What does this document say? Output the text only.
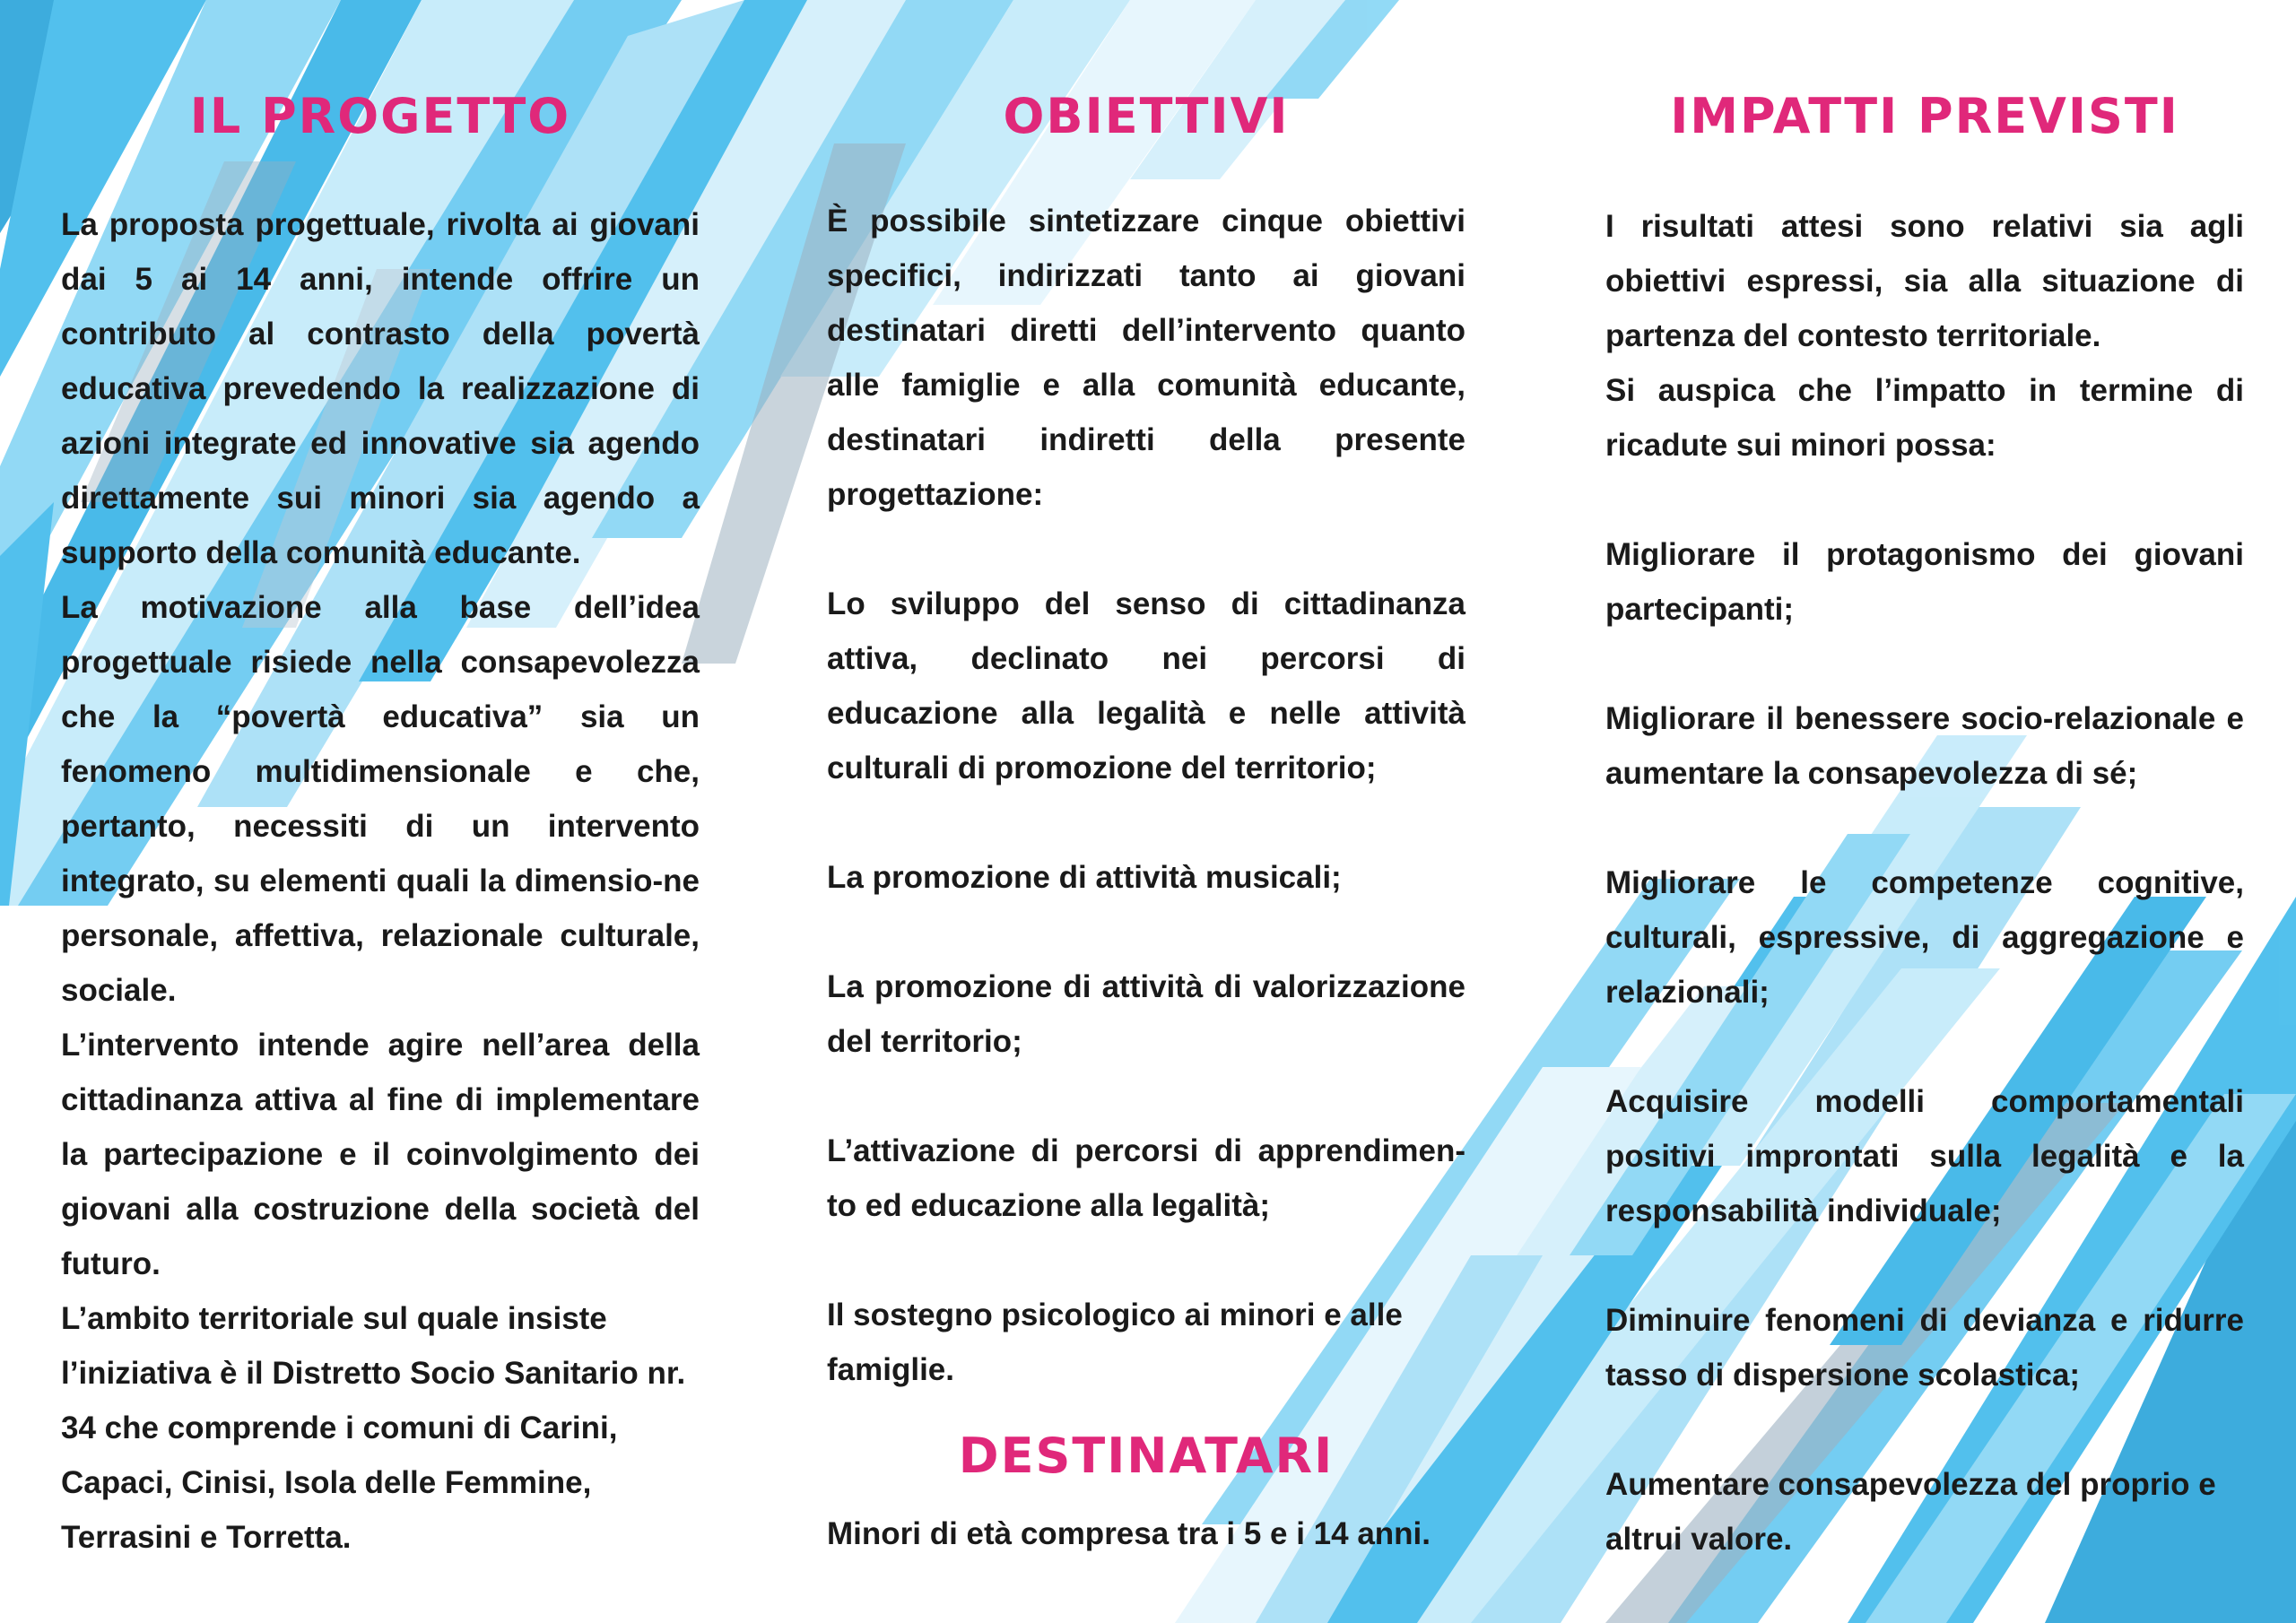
IL PROGETTO

La proposta progettuale, rivolta ai giovani dai 5 ai 14 anni, intende offrire un contributo al contrasto della povertà educativa prevedendo la realizzazione di azioni integrate ed innovative sia agendo direttamente sui minori sia agendo a supporto della comunità educante.

La motivazione alla base dell’idea progettuale risiede nella consapevolezza che la “povertà educativa” sia un fenomeno multidimensionale e che, pertanto, necessiti di un intervento integrato, su elementi quali la dimensio-ne personale, affettiva, relazionale culturale, sociale.

L’intervento intende agire nell’area della cittadinanza attiva al fine di implementare la partecipazione e il coinvolgimento dei giovani alla costruzione della società del futuro.

L’ambito territoriale sul quale insiste l’iniziativa è il Distretto Socio Sanitario nr. 34 che comprende i comuni di Carini, Capaci, Cinisi, Isola delle Femmine, Terrasini e Torretta.

OBIETTIVI

È possibile sintetizzare cinque obiettivi specifici, indirizzati tanto ai giovani destinatari diretti dell’intervento quanto alle famiglie e alla comunità educante, destinatari indiretti della presente progettazione:

Lo sviluppo del senso di cittadinanza attiva, declinato nei percorsi di educazione alla legalità e nelle attività culturali di promozione del territorio;

La promozione di attività musicali;

La promozione di attività di valorizzazione del territorio;

L’attivazione di percorsi di apprendimen-to ed educazione alla legalità;

Il sostegno psicologico ai minori e alle famiglie.

DESTINATARI

Minori di età compresa tra i 5 e i 14 anni.

IMPATTI PREVISTI

I risultati attesi sono relativi sia agli obiettivi espressi, sia alla situazione di partenza del contesto territoriale.

Si auspica che l’impatto in termine di ricadute sui minori possa:

Migliorare il protagonismo dei giovani partecipanti;

Migliorare il benessere socio-relazionale e aumentare la consapevolezza di sé;

Migliorare le competenze cognitive, culturali, espressive, di aggregazione e relazionali;

Acquisire modelli comportamentali positivi improntati sulla legalità e la responsabilità individuale;

Diminuire fenomeni di devianza e ridurre tasso di dispersione scolastica;

Aumentare consapevolezza del proprio e altrui valore.
